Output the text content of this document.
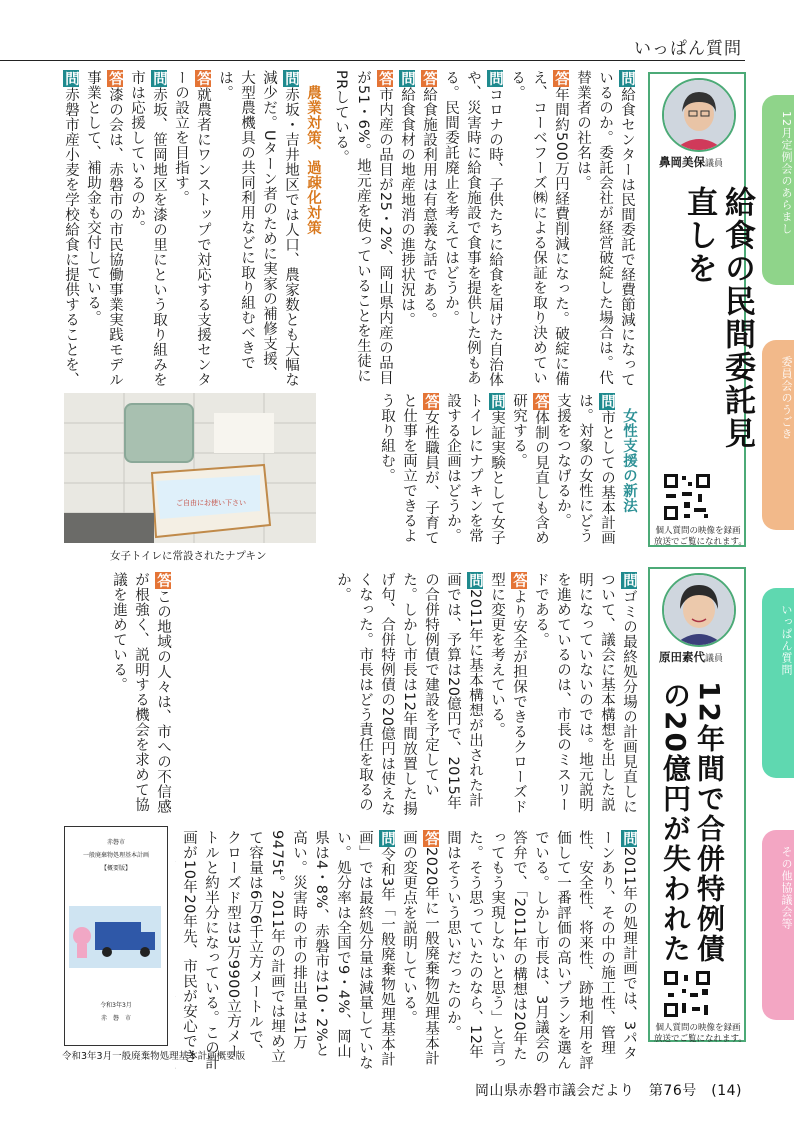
いっぱん質問
12月定例会のあらまし
委員会のうごき
いっぱん質問
その他協議会等
鼻岡美保議員
給食の民間委託見直しを
個人質問の映像を録画
放送でご覧になれます。
原田素代議員
12年間で合併特例債の20億円が失われた
個人質問の映像を録画
放送でご覧になれます。
問給食センターは民間委託で経費節減になっているのか。委託会社が経営破綻した場合は。代替業者の社名は。
答年間約500万円経費削減になった。破綻に備え、コーベフーズ㈱による保証を取り決めている。
問コロナの時、子供たちに給食を届けた自治体や、災害時に給食施設で食事を提供した例もある。民間委託廃止を考えてはどうか。
答給食施設利用は有意義な話である。
問給食食材の地産地消の進捗状況は。
答市内産の品目が25・2%、岡山県内産の品目が51・6%。地元産を使っていることを生徒にPRしている。

　農業対策、過疎化対策
問赤坂・吉井地区では人口、農家数とも大幅な減少だ。Uターン者のために実家の補修支援、大型農機具の共同利用などに取り組むべきでは。
答就農者にワンストップで対応する支援センターの設立を目指す。
問赤坂、笹岡地区を漆の里にという取り組みを市は応援しているのか。
答漆の会は、赤磐市の市民協働事業実践モデル事業として、補助金も交付している。
問赤磐市産小麦を学校給食に提供することを、

　女性支援の新法
問市としての基本計画は。対象の女性にどう支援をつなげるか。
答体制の見直しも含め研究する。
問実証実験として女子トイレにナプキンを常設する企画はどうか。
答女性職員が、子育てと仕事を両立できるよう取り組む。

ご自由にお使い下さい
女子トイレに常設されたナプキン
問ゴミの最終処分場の計画見直しについて、議会に基本構想を出した説明になっていないのでは。地元説明を進めているのは、市長のミスリードである。
答より安全が担保できるクローズド型に変更を考えている。
問2011年に基本構想が出された計画では、予算は20億円で、2015年の合併特例債で建設を予定していた。しかし市長は12年間放置した揚げ句、合併特例債の20億円は使えなくなった。市長はどう責任を取るのか。

問2011年の処理計画では、3パターンあり、その中の施工性、管理性、安全性、将来性、跡地利用を評価して一番評価の高いプランを選んでいる。しかし市長は、3月議会の答弁で、「2011年の構想は20年たってもう実現しないと思う」と言った。そう思っていたのなら、12年間はそういう思いだったのか。
答2020年に一般廃棄物処理基本計画の変更点を説明している。
問令和3年「一般廃棄物処理基本計画」では最終処分量は減量していない。処分率は全国で9・4%、岡山県は4・8%、赤磐市は10・2%と高い。災害時の市の排出量は1万9475t。2011年の計画では埋め立て容量は6万6千立方メートルで、クローズド型は3万9900立方メートルと約半分になっている。この計画が10年20年先、市民が安心でき

答この地域の人々は、市への不信感が根強く、説明する機会を求めて協議を進めている。

赤磐市
一般廃棄物処理基本計画
【概要版】
令和3年3月
赤　磐　市
令和3年3月一般廃棄物処理基本計画概要版
岡山県赤磐市議会だより　第76号　(14)
